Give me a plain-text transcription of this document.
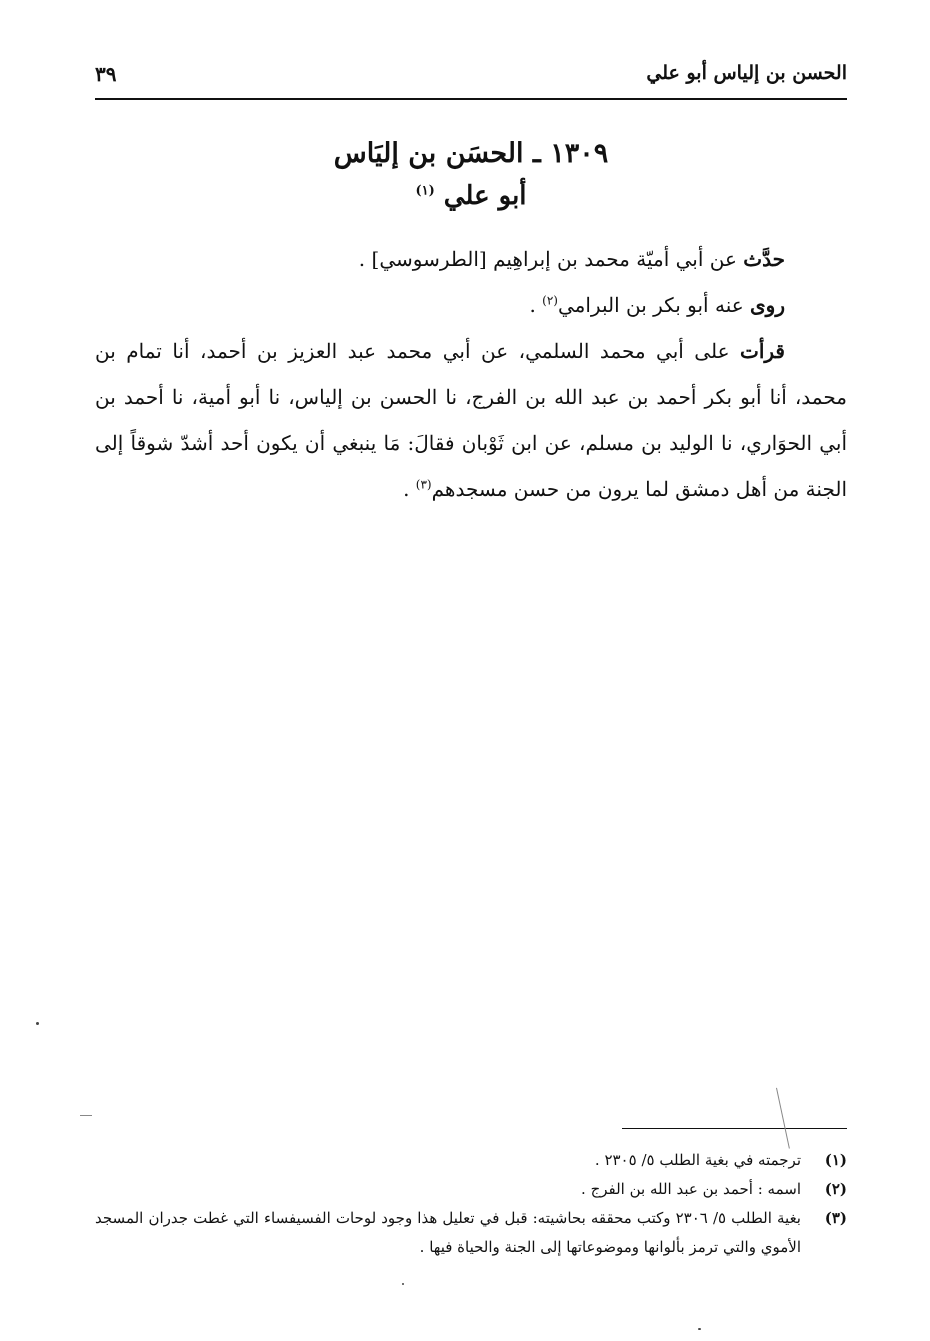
الحسن بن إلياس أبو علي
٣٩
١٣٠٩ ـ الحسَن بن إليَاس
أبو علي $^{(١)}$

حدَّث عن أبي أميّة محمد بن إبراهِيم [الطرسوسي] .

روى عنه أبو بكر بن البرامي$^{(٢)}$ .

قرأت على أبي محمد السلمي، عن أبي محمد عبد العزيز بن أحمد، أنا تمام بن محمد، أنا أبو بكر أحمد بن عبد الله بن الفرج، نا الحسن بن إلياس، نا أبو أمية، نا أحمد بن أبي الحوَاري، نا الوليد بن مسلم، عن ابن ثَوْبان فقالَ: مَا ينبغي أن يكون أحد أشدّ شوقاً إلى الجنة من أهل دمشق لما يرون من حسن مسجدهم$^{(٣)}$ .

(١)
ترجمته في بغية الطلب ٥/ ٢٣٠٥ .
(٢)
اسمه : أحمد بن عبد الله بن الفرج .
(٣)
بغية الطلب ٥/ ٢٣٠٦ وكتب محققه بحاشيته: قبل في تعليل هذا وجود لوحات الفسيفساء التي غطت جدران المسجد الأموي والتي ترمز بألوانها وموضوعاتها إلى الجنة والحياة فيها .
